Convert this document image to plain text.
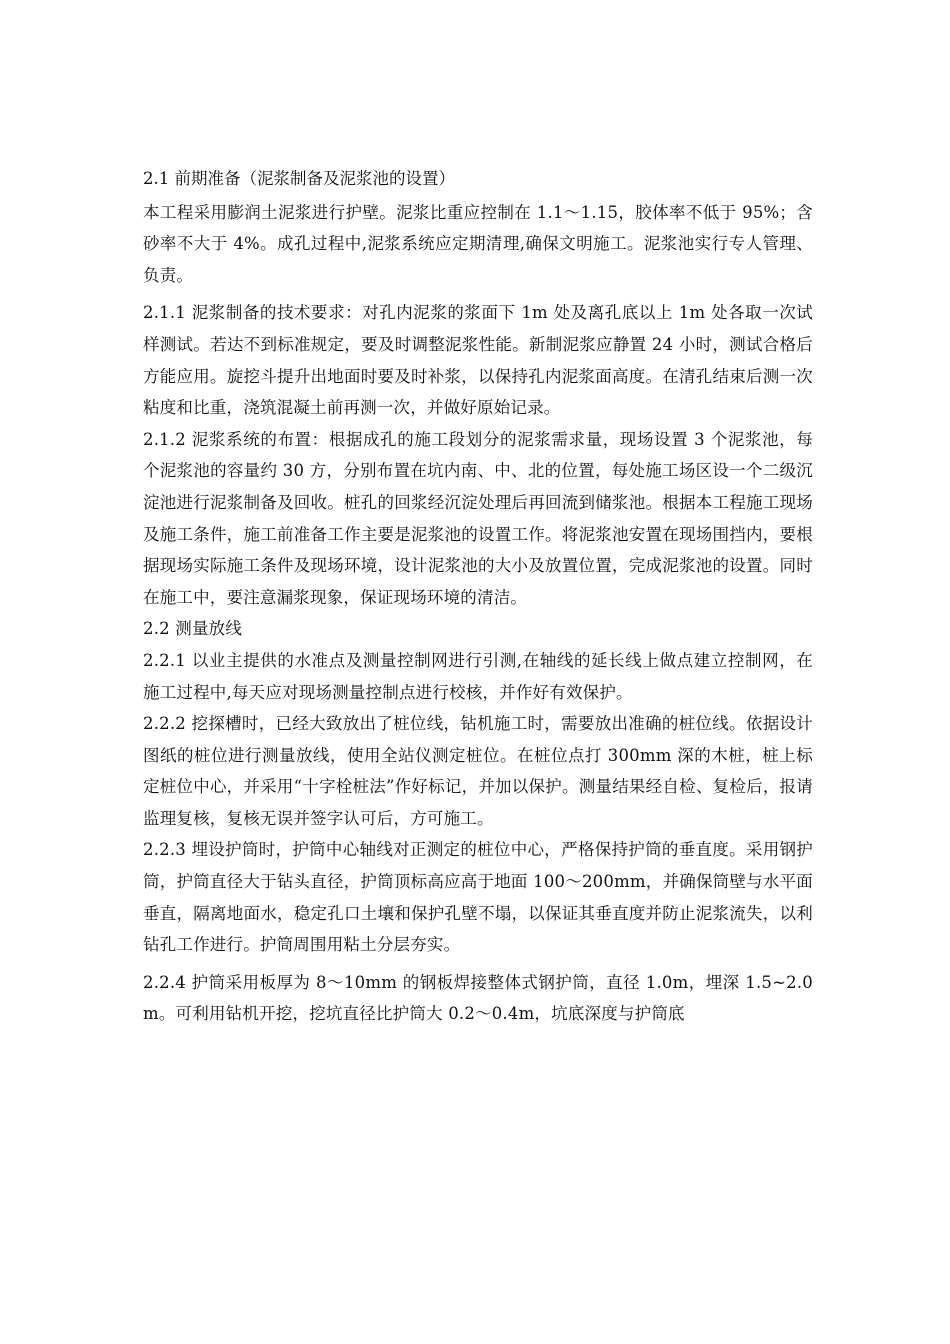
2.1 前期准备（泥浆制备及泥浆池的设置）

本工程采用膨润土泥浆进行护壁。泥浆比重应控制在 1.1～1.15，胶体率不低于 95%；含砂率不大于 4%。成孔过程中,泥浆系统应定期清理,确保文明施工。泥浆池实行专人管理、负责。

2.1.1 泥浆制备的技术要求：对孔内泥浆的浆面下 1m 处及离孔底以上 1m 处各取一次试样测试。若达不到标准规定，要及时调整泥浆性能。新制泥浆应静置 24 小时，测试合格后方能应用。旋挖斗提升出地面时要及时补浆，以保持孔内泥浆面高度。在清孔结束后测一次粘度和比重，浇筑混凝土前再测一次，并做好原始记录。

2.1.2 泥浆系统的布置：根据成孔的施工段划分的泥浆需求量，现场设置 3 个泥浆池，每个泥浆池的容量约 30 方，分别布置在坑内南、中、北的位置，每处施工场区设一个二级沉淀池进行泥浆制备及回收。桩孔的回浆经沉淀处理后再回流到储浆池。根据本工程施工现场及施工条件，施工前准备工作主要是泥浆池的设置工作。将泥浆池安置在现场围挡内，要根据现场实际施工条件及现场环境，设计泥浆池的大小及放置位置，完成泥浆池的设置。同时在施工中，要注意漏浆现象，保证现场环境的清洁。

2.2 测量放线

2.2.1 以业主提供的水准点及测量控制网进行引测,在轴线的延长线上做点建立控制网，在施工过程中,每天应对现场测量控制点进行校核，并作好有效保护。

2.2.2 挖探槽时，已经大致放出了桩位线，钻机施工时，需要放出准确的桩位线。依据设计图纸的桩位进行测量放线，使用全站仪测定桩位。在桩位点打 300mm 深的木桩，桩上标定桩位中心，并采用“十字栓桩法”作好标记，并加以保护。测量结果经自检、复检后，报请监理复核，复核无误并签字认可后，方可施工。

2.2.3 埋设护筒时，护筒中心轴线对正测定的桩位中心，严格保持护筒的垂直度。采用钢护筒，护筒直径大于钻头直径，护筒顶标高应高于地面 100～200mm，并确保筒壁与水平面垂直，隔离地面水，稳定孔口土壤和保护孔壁不塌，以保证其垂直度并防止泥浆流失，以利钻孔工作进行。护筒周围用粘土分层夯实。

2.2.4 护筒采用板厚为 8～10mm 的钢板焊接整体式钢护筒，直径 1.0m，埋深 1.5~2.0m。可利用钻机开挖，挖坑直径比护筒大 0.2～0.4m，坑底深度与护筒底
